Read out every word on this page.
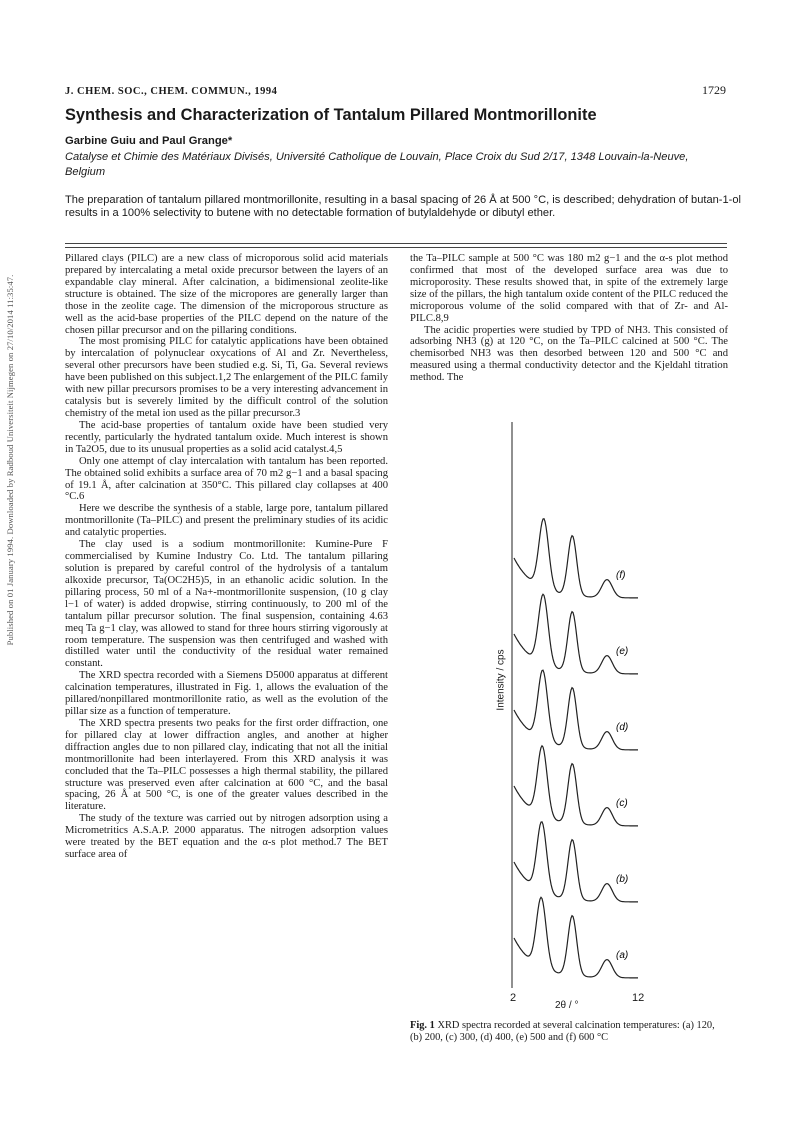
Published on 01 January 1994. Downloaded by Radboud Universiteit Nijmegen on 27/10/2014 11:35:47.
J. CHEM. SOC., CHEM. COMMUN., 1994	1729
Synthesis and Characterization of Tantalum Pillared Montmorillonite
Garbine Guiu and Paul Grange*
Catalyse et Chimie des Matériaux Divisés, Université Catholique de Louvain, Place Croix du Sud 2/17, 1348 Louvain-la-Neuve, Belgium
The preparation of tantalum pillared montmorillonite, resulting in a basal spacing of 26 Å at 500 °C, is described; dehydration of butan-1-ol results in a 100% selectivity to butene with no detectable formation of butylaldehyde or dibutyl ether.

Pillared clays (PILC) are a new class of microporous solid acid materials prepared by intercalating a metal oxide precursor between the layers of an expandable clay mineral. After calcination, a bidimensional zeolite-like structure is obtained. The size of the micropores are generally larger than those in the zeolite cage. The dimension of the microporous structure as well as the acid-base properties of the PILC depend on the nature of the chosen pillar precursor and on the pillaring conditions.

The most promising PILC for catalytic applications have been obtained by intercalation of polynuclear oxycations of Al and Zr. Nevertheless, several other precursors have been studied e.g. Si, Ti, Ga. Several reviews have been published on this subject.1,2 The enlargement of the PILC family with new pillar precursors promises to be a very interesting advancement in catalysis but is severely limited by the difficult control of the solution chemistry of the metal ion used as the pillar precursor.3

The acid-base properties of tantalum oxide have been studied very recently, particularly the hydrated tantalum oxide. Much interest is shown in Ta2O5, due to its unusual properties as a solid acid catalyst.4,5

Only one attempt of clay intercalation with tantalum has been reported. The obtained solid exhibits a surface area of 70 m2 g−1 and a basal spacing of 19.1 Å, after calcination at 350°C. This pillared clay collapses at 400 °C.6

Here we describe the synthesis of a stable, large pore, tantalum pillared montmorillonite (Ta–PILC) and present the preliminary studies of its acidic and catalytic properties.

The clay used is a sodium montmorillonite: Kumine-Pure F commercialised by Kumine Industry Co. Ltd. The tantalum pillaring solution is prepared by careful control of the hydrolysis of a tantalum alkoxide precursor, Ta(OC2H5)5, in an ethanolic acidic solution. In the pillaring process, 50 ml of a Na+-montmorillonite suspension, (10 g clay l−1 of water) is added dropwise, stirring continuously, to 200 ml of the tantalum pillar precursor solution. The final suspension, containing 4.63 meq Ta g−1 clay, was allowed to stand for three hours stirring vigorously at room temperature. The suspension was then centrifuged and washed with distilled water until the conductivity of the residual water remained constant.

The XRD spectra recorded with a Siemens D5000 apparatus at different calcination temperatures, illustrated in Fig. 1, allows the evaluation of the pillared/nonpillared montmorillonite ratio, as well as the evolution of the pillar size as a function of temperature.

The XRD spectra presents two peaks for the first order diffraction, one for pillared clay at lower diffraction angles, and another at higher diffraction angles due to non pillared clay, indicating that not all the initial montmorillonite had been interlayered. From this XRD analysis it was concluded that the Ta–PILC possesses a high thermal stability, the pillared structure was preserved even after calcination at 600 °C, and the basal spacing, 26 Å at 500 °C, is one of the greater values described in the literature.

The study of the texture was carried out by nitrogen adsorption using a Micrometritics A.S.A.P. 2000 apparatus. The nitrogen adsorption values were treated by the BET equation and the α-s plot method.7 The BET surface area of

the Ta–PILC sample at 500 °C was 180 m2 g−1 and the α-s plot method confirmed that most of the developed surface area was due to microporosity. These results showed that, in spite of the extremely large size of the pillars, the high tantalum oxide content of the PILC reduced the microporous volume of the solid compared with that of Zr- and Al-PILC.8,9

The acidic properties were studied by TPD of NH3. This consisted of adsorbing NH3 (g) at 120 °C, on the Ta–PILC calcined at 500 °C. The chemisorbed NH3 was then desorbed between 120 and 500 °C and measured using a thermal conductivity detector and the Kjeldahl titration method. The

(a)
(b)
(c)
(d)
(e)
(f)
Intensity / cps
2	12
2θ / °
Fig. 1 XRD spectra recorded at several calcination temperatures: (a) 120, (b) 200, (c) 300, (d) 400, (e) 500 and (f) 600 °C
